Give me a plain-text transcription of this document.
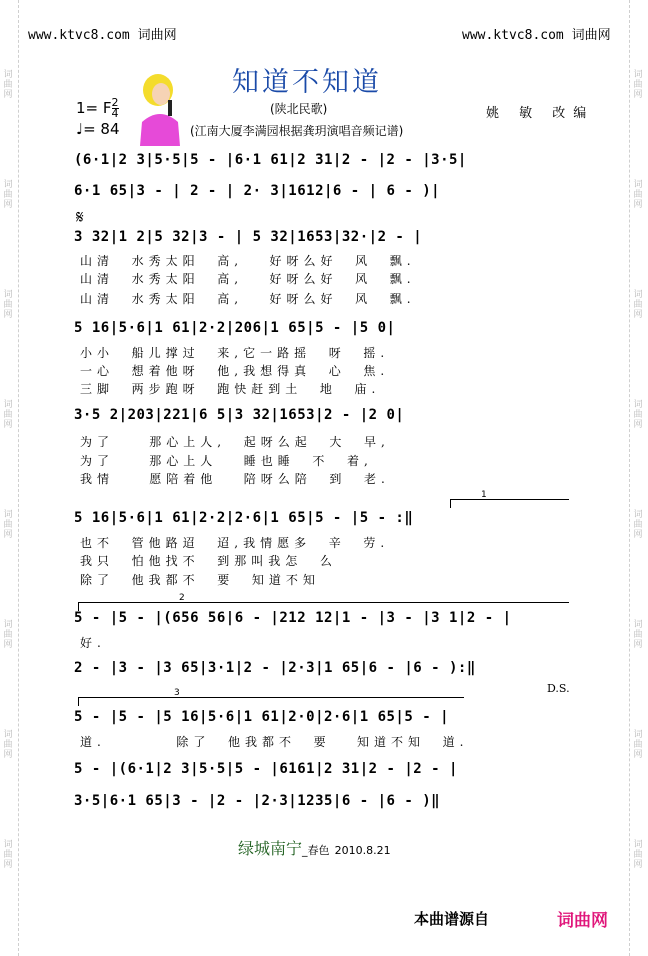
词曲网
词曲网
词曲网
词曲网
词曲网
词曲网
词曲网
词曲网
词曲网
词曲网
词曲网
词曲网
词曲网
词曲网
词曲网
词曲网
www.ktvc8.com 词曲网	www.ktvc8.com 词曲网
知道不知道
(陕北民歌)	姚 敏 改编
(江南大厦李满园根据龚玥演唱音频记谱)
1= F $\frac{2}{4}$
♩= 84
𝄋
(6·1|2 3|5·5|5 - |6·1 61|2 31|2 - |2 - |3·5|
6·1 65|3 - | 2 - | 2· 3|1612|6 - | 6 - )|
3 32|1 2|5 32|3 - | 5 32|1653|32·|2 - |
山清  水秀太阳  高,   好呀么好  风  飘.
山清  水秀太阳  高,   好呀么好  风  飘.
山清  水秀太阳  高,   好呀么好  风  飘.
5 16|5·6|1 61|2·2|206|1 65|5 - |5 0|
小小  船儿撑过  来,它一路摇  呀  摇.
一心  想着他呀  他,我想得真  心  焦.
三脚  两步跑呀  跑快赶到土  地  庙.
3·5 2|203|221|6 5|3 32|1653|2 - |2 0|
为了    那心上人,  起呀么起  大  早,
为了    那心上人   睡也睡  不  着,
我情    愿陪着他   陪呀么陪  到  老.
1
5 16|5·6|1 61|2·2|2·6|1 65|5 - |5 - :‖
也不  管他路迢  迢,我情愿多  辛  劳.
我只  怕他找不  到那叫我怎  么
除了  他我都不  要  知道不知
2
5 - |5 - |(656 56|6 - |212 12|1 - |3 - |3 1|2 - |
好.
2 - |3 - |3 65|3·1|2 - |2·3|1 65|6 - |6 - ):‖
D.S.
3
5 - |5 - |5 16|5·6|1 61|2·0|2·6|1 65|5 - |
道.        除了  他我都不  要   知道不知  道.
5 - |(6·1|2 3|5·5|5 - |6161|2 31|2 - |2 - |
3·5|6·1 65|3 - |2 - |2·3|1235|6 - |6 - )‖
绿城南宁_春色 2010.8.21
本曲谱源自	词曲网
